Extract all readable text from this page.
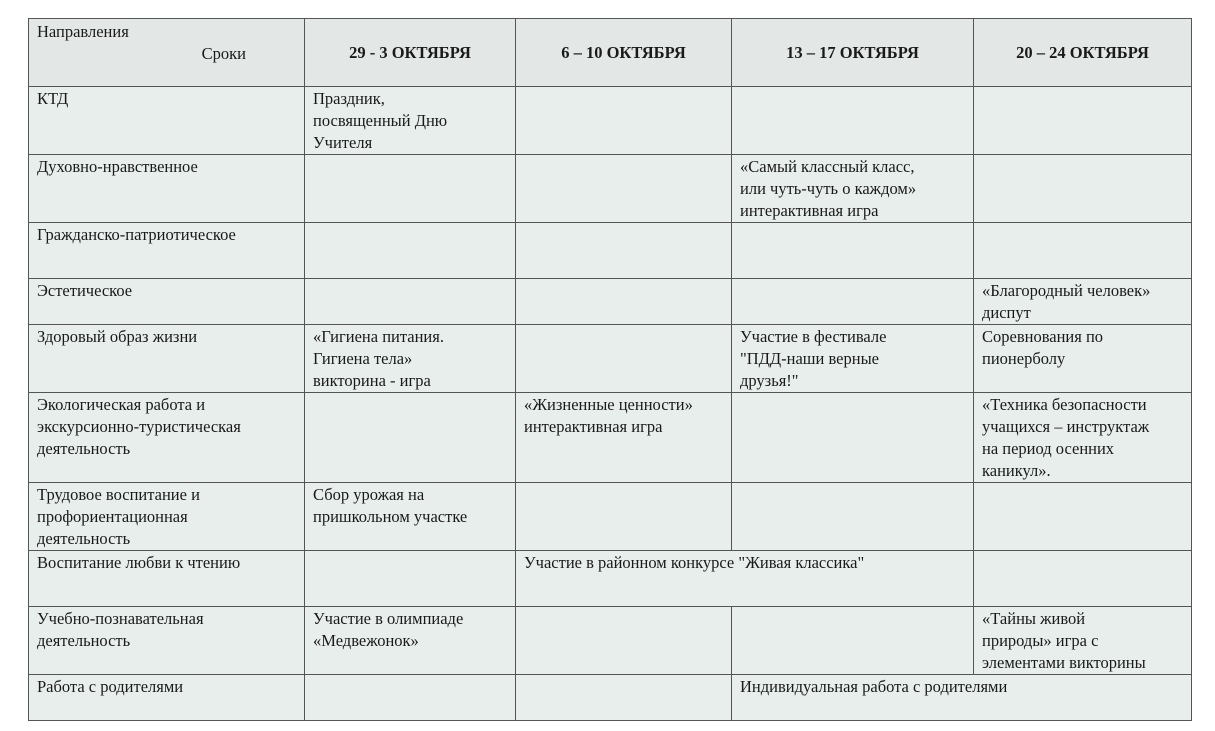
Направления
Сроки	29 - 3 ОКТЯБРЯ	6 – 10 ОКТЯБРЯ	13 – 17 ОКТЯБРЯ	20 – 24 ОКТЯБРЯ
КТД	Праздник,
посвященный Дню
Учителя			
Духовно-нравственное			«Самый классный класс,
или чуть-чуть о каждом»
интерактивная игра	
Гражданско-патриотическое				
Эстетическое				«Благородный человек»
диспут
Здоровый образ жизни	«Гигиена питания.
Гигиена тела»
викторина - игра		Участие в фестивале
"ПДД-наши верные
друзья!"	Соревнования по
пионерболу
Экологическая работа и
экскурсионно-туристическая
деятельность		«Жизненные ценности»
интерактивная игра		«Техника безопасности
учащихся – инструктаж
на период осенних
каникул».
Трудовое воспитание и
профориентационная
деятельность	Сбор урожая на
пришкольном участке			
Воспитание любви к чтению		Участие в районном конкурсе "Живая классика"		
Учебно-познавательная
деятельность	Участие в олимпиаде
«Медвежонок»			«Тайны живой
природы» игра с
элементами викторины
Работа с родителями			Индивидуальная работа с родителями	
